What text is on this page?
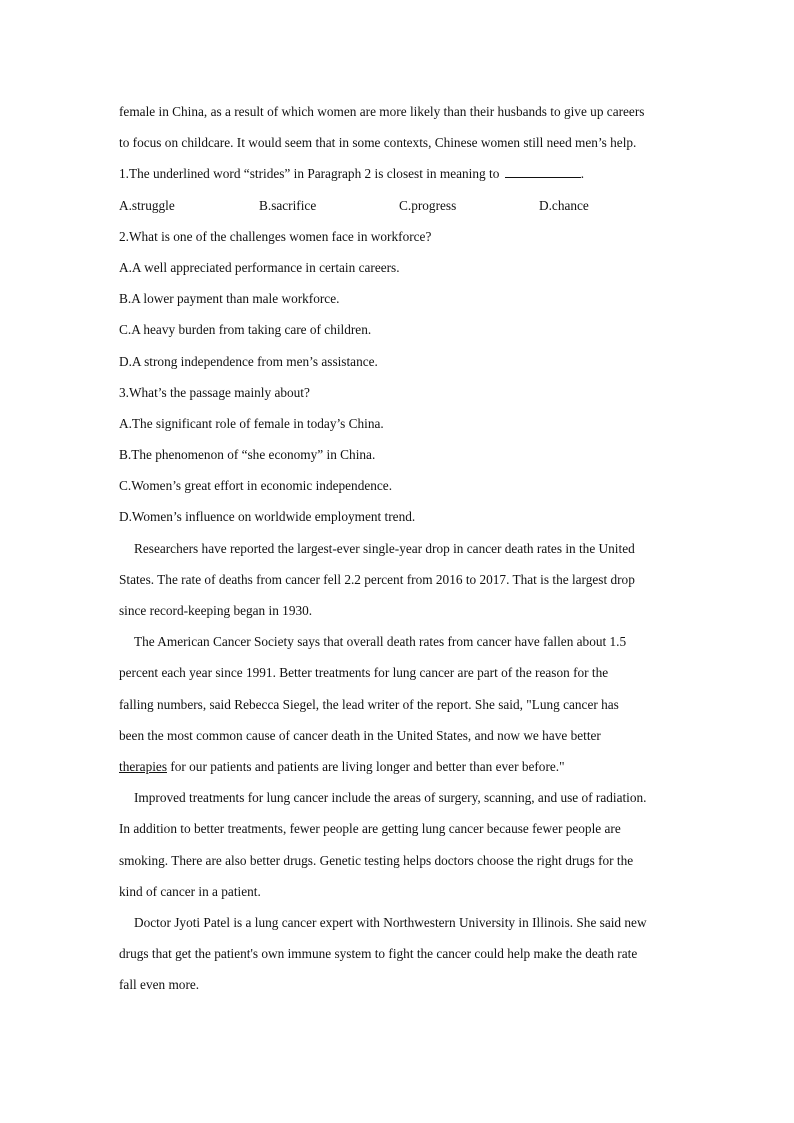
female in China, as a result of which women are more likely than their husbands to give up careers
to focus on childcare. It would seem that in some contexts, Chinese women still need men’s help.
1.The underlined word “strides” in Paragraph 2 is closest in meaning to	.
A.struggle	B.sacrifice	C.progress	D.chance
2.What is one of the challenges women face in workforce?
A.A well appreciated performance in certain careers.
B.A lower payment than male workforce.
C.A heavy burden from taking care of children.
D.A strong independence from men’s assistance.
3.What’s the passage mainly about?
A.The significant role of female in today’s China.
B.The phenomenon of “she economy” in China.
C.Women’s great effort in economic independence.
D.Women’s influence on worldwide employment trend.
Researchers have reported the largest-ever single-year drop in cancer death rates in the United
States. The rate of deaths from cancer fell 2.2 percent from 2016 to 2017. That is the largest drop
since record-keeping began in 1930.
The American Cancer Society says that overall death rates from cancer have fallen about 1.5
percent each year since 1991. Better treatments for lung cancer are part of the reason for the
falling numbers, said Rebecca Siegel, the lead writer of the report. She said, "Lung cancer has
been the most common cause of cancer death in the United States, and now we have better
therapies for our patients and patients are living longer and better than ever before."
Improved treatments for lung cancer include the areas of surgery, scanning, and use of radiation.
In addition to better treatments, fewer people are getting lung cancer because fewer people are
smoking. There are also better drugs. Genetic testing helps doctors choose the right drugs for the
kind of cancer in a patient.
Doctor Jyoti Patel is a lung cancer expert with Northwestern University in Illinois. She said new
drugs that get the patient's own immune system to fight the cancer could help make the death rate
fall even more.
